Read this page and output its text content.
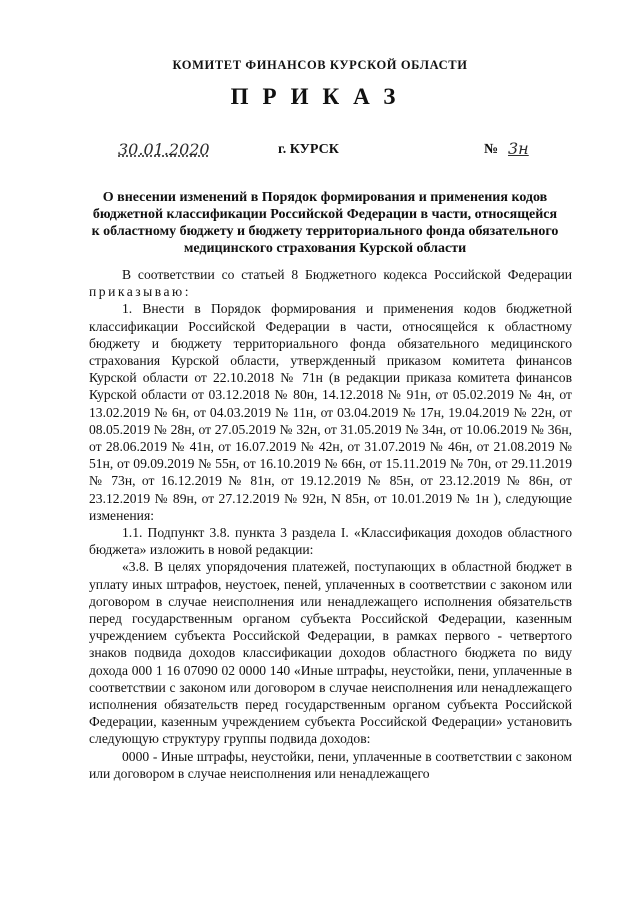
КОМИТЕТ ФИНАНСОВ КУРСКОЙ ОБЛАСТИ
ПРИКАЗ
30.01.2020	г. КУРСК	№ 3н
О внесении изменений в Порядок формирования и применения кодов бюджетной классификации Российской Федерации в части, относящейся к областному бюджету и бюджету территориального фонда обязательного медицинского страхования Курской области

В соответствии со статьей 8 Бюджетного кодекса Российской Федерации приказываю:

1. Внести в Порядок формирования и применения кодов бюджетной классификации Российской Федерации в части, относящейся к областному бюджету и бюджету территориального фонда обязательного медицинского страхования Курской области, утвержденный приказом комитета финансов Курской области от 22.10.2018 № 71н (в редакции приказа комитета финансов Курской области от 03.12.2018 № 80н, 14.12.2018 № 91н, от 05.02.2019 № 4н, от 13.02.2019 № 6н, от 04.03.2019 № 11н, от 03.04.2019 № 17н, 19.04.2019 № 22н, от 08.05.2019 № 28н, от 27.05.2019 № 32н, от 31.05.2019 № 34н, от 10.06.2019 № 36н, от 28.06.2019 № 41н, от 16.07.2019 № 42н, от 31.07.2019 № 46н, от 21.08.2019 № 51н, от 09.09.2019 № 55н, от 16.10.2019 № 66н, от 15.11.2019 № 70н, от 29.11.2019 № 73н, от 16.12.2019 № 81н, от 19.12.2019 № 85н, от 23.12.2019 № 86н, от 23.12.2019 № 89н, от 27.12.2019 № 92н, N 85н, от 10.01.2019 № 1н ), следующие изменения:

1.1. Подпункт 3.8. пункта 3 раздела I. «Классификация доходов областного бюджета» изложить в новой редакции:

«3.8. В целях упорядочения платежей, поступающих в областной бюджет в уплату иных штрафов, неустоек, пеней, уплаченных в соответствии с законом или договором в случае неисполнения или ненадлежащего исполнения обязательств перед государственным органом субъекта Российской Федерации, казенным учреждением субъекта Российской Федерации, в рамках первого - четвертого знаков подвида доходов классификации доходов областного бюджета по виду дохода 000 1 16 07090 02 0000 140 «Иные штрафы, неустойки, пени, уплаченные в соответствии с законом или договором в случае неисполнения или ненадлежащего исполнения обязательств перед государственным органом субъекта Российской Федерации, казенным учреждением субъекта Российской Федерации» установить следующую структуру группы подвида доходов:

0000 - Иные штрафы, неустойки, пени, уплаченные в соответствии с законом или договором в случае неисполнения или ненадлежащего
